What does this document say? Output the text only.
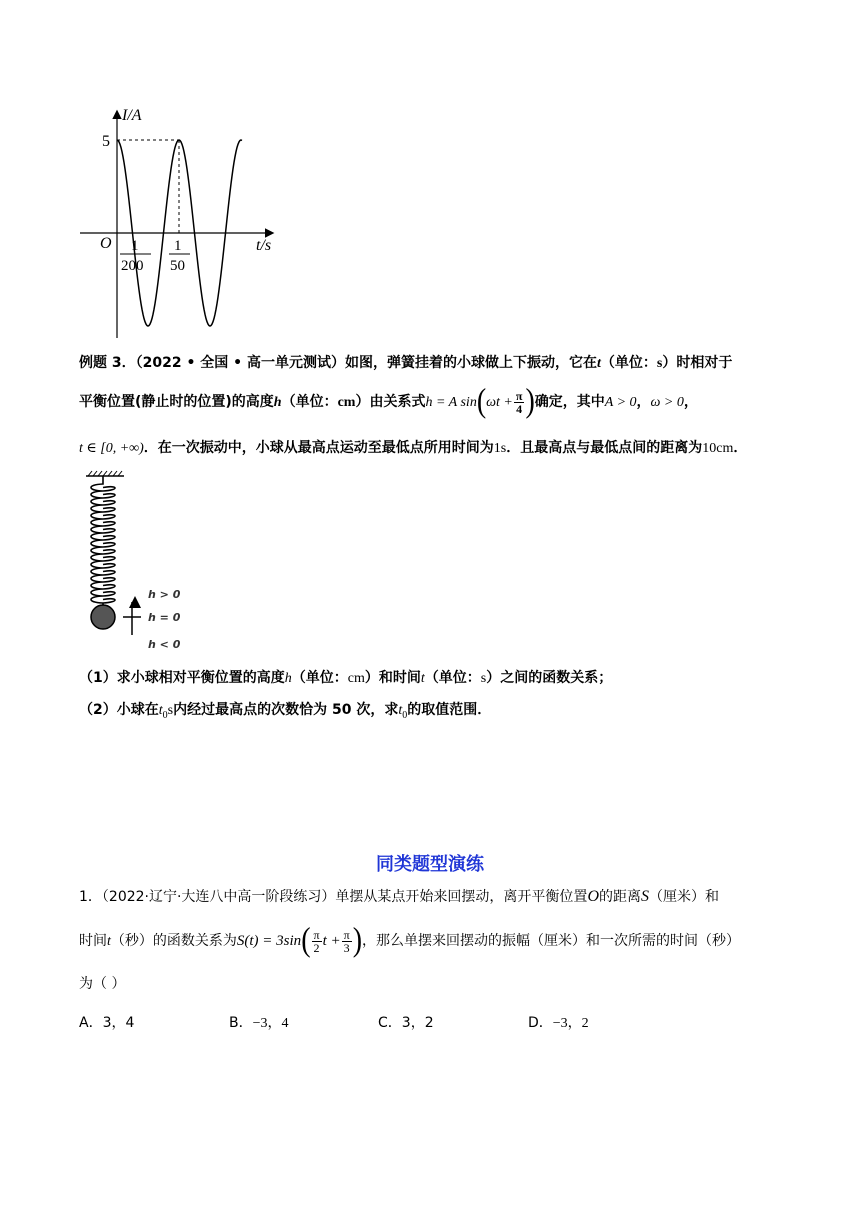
I/A
5
O	t/s
1
200
1
50
例题 3．（2022 • 全国 • 高一单元测试）如图，弹簧挂着的小球做上下振动，它在t（单位：s）时相对于
平衡位置(静止时的位置)的高度h（单位：cm）由关系式h = A $\sin(\omega t + \frac{\pi}{4}$ )确定，其中A > 0，ω > 0，
t ∈ [0, +∞)．在一次振动中，小球从最高点运动至最低点所用时间为1s．且最高点与最低点间的距离为10cm．
h > 0
h = 0
h < 0
（1）求小球相对平衡位置的高度h（单位：cm）和时间t（单位：s）之间的函数关系；
（2）小球在$t_0s$内经过最高点的次数恰为 50 次，求$t_0$的取值范围．
同类题型演练
1．（2022·辽宁·大连八中高一阶段练习）单摆从某点开始来回摆动，离开平衡位置O的距离S（厘米）和
时间t（秒）的函数关系为$S(t) = 3\sin( \frac{\pi}{2}$ $t + \frac{\pi}{3}$ )，那么单摆来回摆动的振幅（厘米）和一次所需的时间（秒）
为（ ）
A．3，4	B．−3，4	C．3，2	D．−3，2
